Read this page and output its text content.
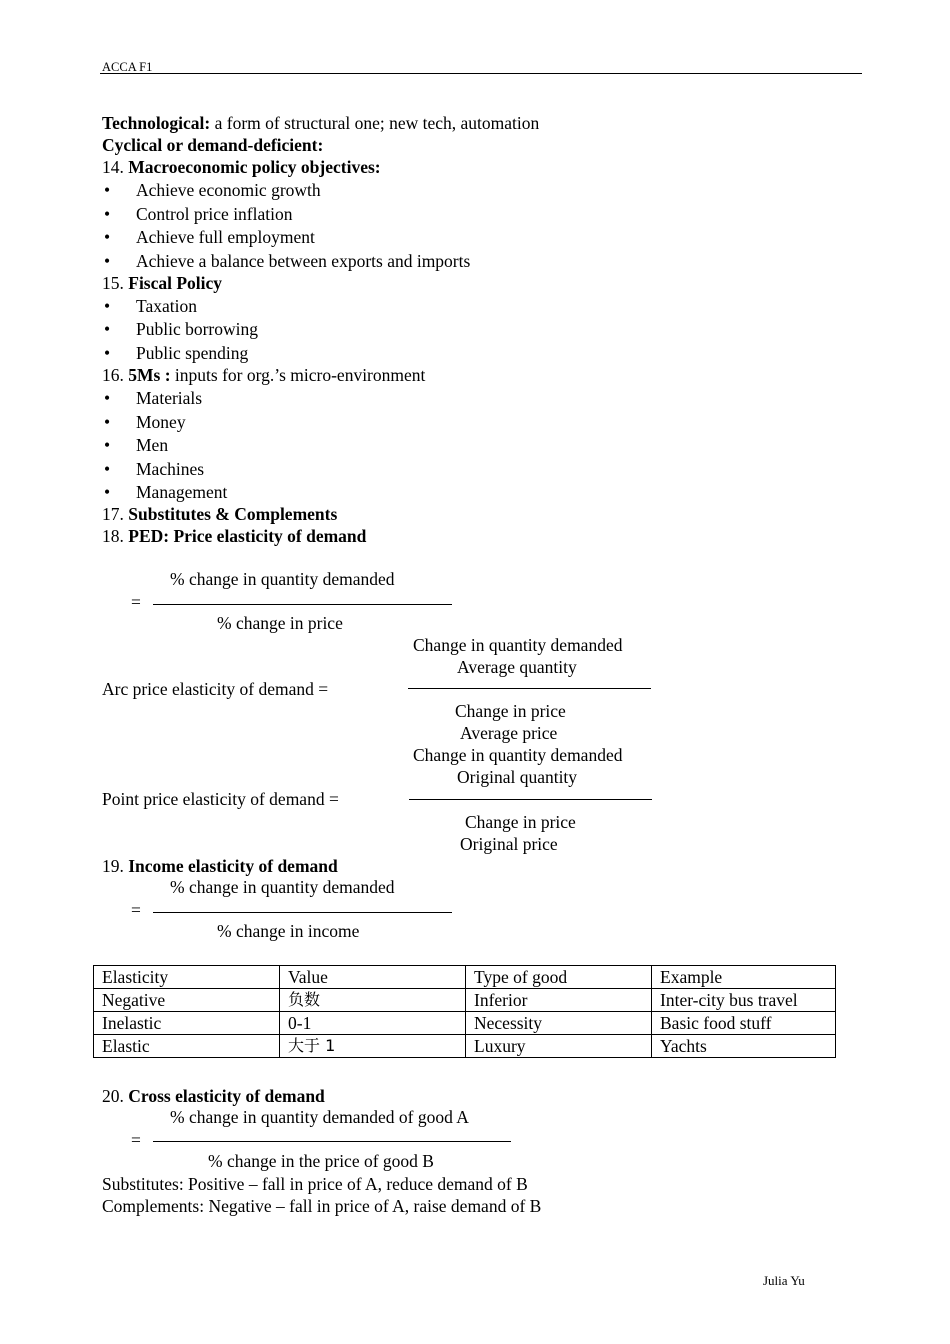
ACCA F1
Technological: a form of structural one; new tech, automation
Cyclical or demand-deficient:
14. Macroeconomic policy objectives:
• Achieve economic growth
• Control price inflation
• Achieve full employment
• Achieve a balance between exports and imports
15. Fiscal Policy
• Taxation
• Public borrowing
• Public spending
16. 5Ms : inputs for org.’s micro-environment
• Materials
• Money
• Men
• Machines
• Management
17. Substitutes & Complements
18. PED: Price elasticity of demand
% change in quantity demanded
=
% change in price
Change in quantity demanded
Average quantity
Arc price elasticity of demand =
Change in price
Average price
Change in quantity demanded
Original quantity
Point price elasticity of demand =
Change in price
Original price
19. Income elasticity of demand
% change in quantity demanded
=
% change in income
Elasticity	Value	Type of good	Example
Negative	负数	Inferior	Inter-city bus travel
Inelastic	0-1	Necessity	Basic food stuff
Elastic	大于 1	Luxury	Yachts
20. Cross elasticity of demand
% change in quantity demanded of good A
=
% change in the price of good B
Substitutes: Positive – fall in price of A, reduce demand of B
Complements: Negative – fall in price of A, raise demand of B
Julia Yu
